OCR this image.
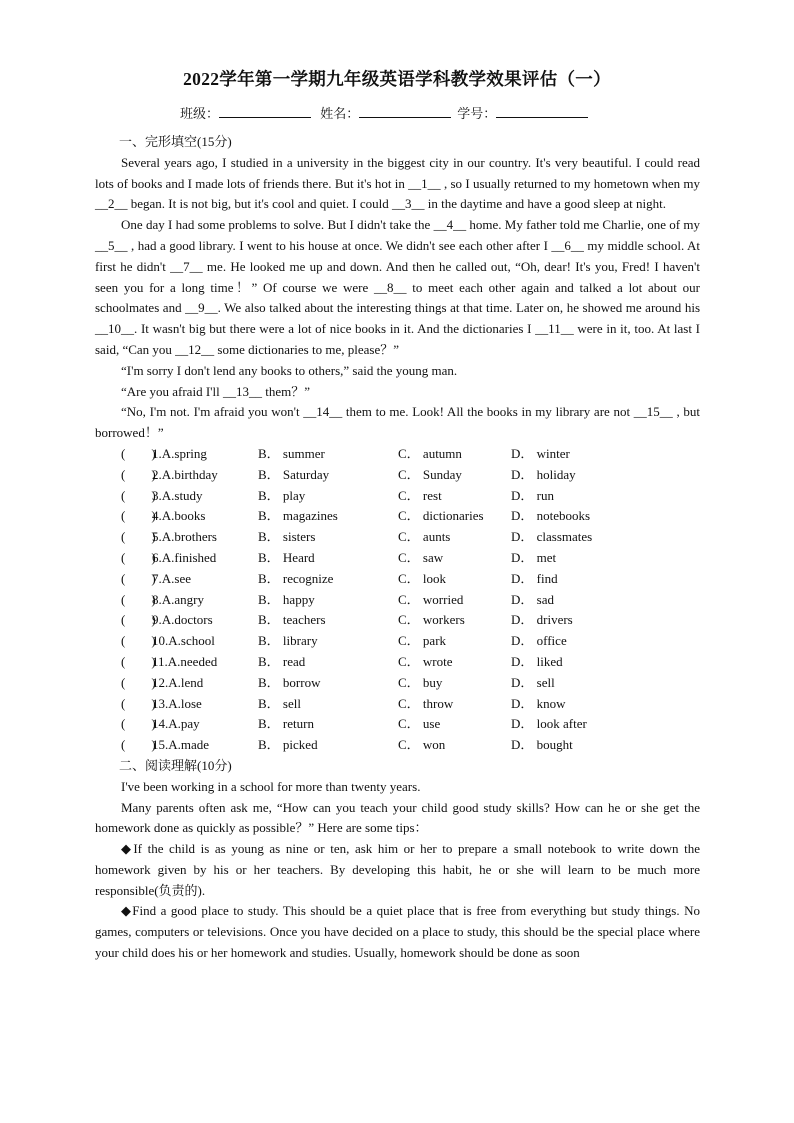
2022学年第一学期九年级英语学科教学效果评估（一）
班级：	姓名：	学号：
一、完形填空(15分)

Several years ago, I studied in a university in the biggest city in our country. It's very beautiful. I could read lots of books and I made lots of friends there. But it's hot in __1__ , so I usually returned to my hometown when my __2__ began. It is not big, but it's cool and quiet. I could __3__ in the daytime and have a good sleep at night.

One day I had some problems to solve. But I didn't take the __4__ home. My father told me Charlie, one of my __5__ , had a good library. I went to his house at once. We didn't see each other after I __6__ my middle school. At first he didn't __7__ me. He looked me up and down. And then he called out, “Oh, dear! It's you, Fred! I haven't seen you for a long time！” Of course we were __8__ to meet each other again and talked a lot about our schoolmates and __9__. We also talked about the interesting things at that time. Later on, he showed me around his __10__. It wasn't big but there were a lot of nice books in it. And the dictionaries I __11__ were in it, too. At last I said, “Can you __12__ some dictionaries to me, please？”

“I'm sorry I don't lend any books to others,” said the young man.

“Are you afraid I'll __13__ them？”

“No, I'm not. I'm afraid you won't __14__ them to me. Look! All the books in my library are not __15__ , but borrowed！”

(　　)
1.A.spring	B． summer	C． autumn	D． winter
(　　)
2.A.birthday	B． Saturday	C． Sunday	D． holiday
(　　)
3.A.study	B． play	C． rest	D． run
(　　)
4.A.books	B． magazines	C． dictionaries	D． notebooks
(　　)
5.A.brothers	B． sisters	C． aunts	D． classmates
(　　)
6.A.finished	B． Heard	C． saw	D． met
(　　)
7.A.see	B． recognize	C． look	D． find
(　　)
8.A.angry	B． happy	C． worried	D． sad
(　　)
9.A.doctors	B． teachers	C． workers	D． drivers
(　　)
10.A.school	B． library	C． park	D． office
(　　)
11.A.needed	B． read	C． wrote	D． liked
(　　)
12.A.lend	B． borrow	C． buy	D． sell
(　　)
13.A.lose	B． sell	C． throw	D． know
(　　)
14.A.pay	B． return	C． use	D． look after
(　　)
15.A.made	B． picked	C． won	D． bought
二、阅读理解(10分)

I've been working in a school for more than twenty years.

Many parents often ask me, “How can you teach your child good study skills? How can he or she get the homework done as quickly as possible？” Here are some tips：

◆If the child is as young as nine or ten, ask him or her to prepare a small notebook to write down the homework given by his or her teachers. By developing this habit, he or she will learn to be much more responsible(负责的).

◆Find a good place to study. This should be a quiet place that is free from everything but study things. No games, computers or televisions. Once you have decided on a place to study, this should be the special place where your child does his or her homework and studies. Usually, homework should be done as soon
